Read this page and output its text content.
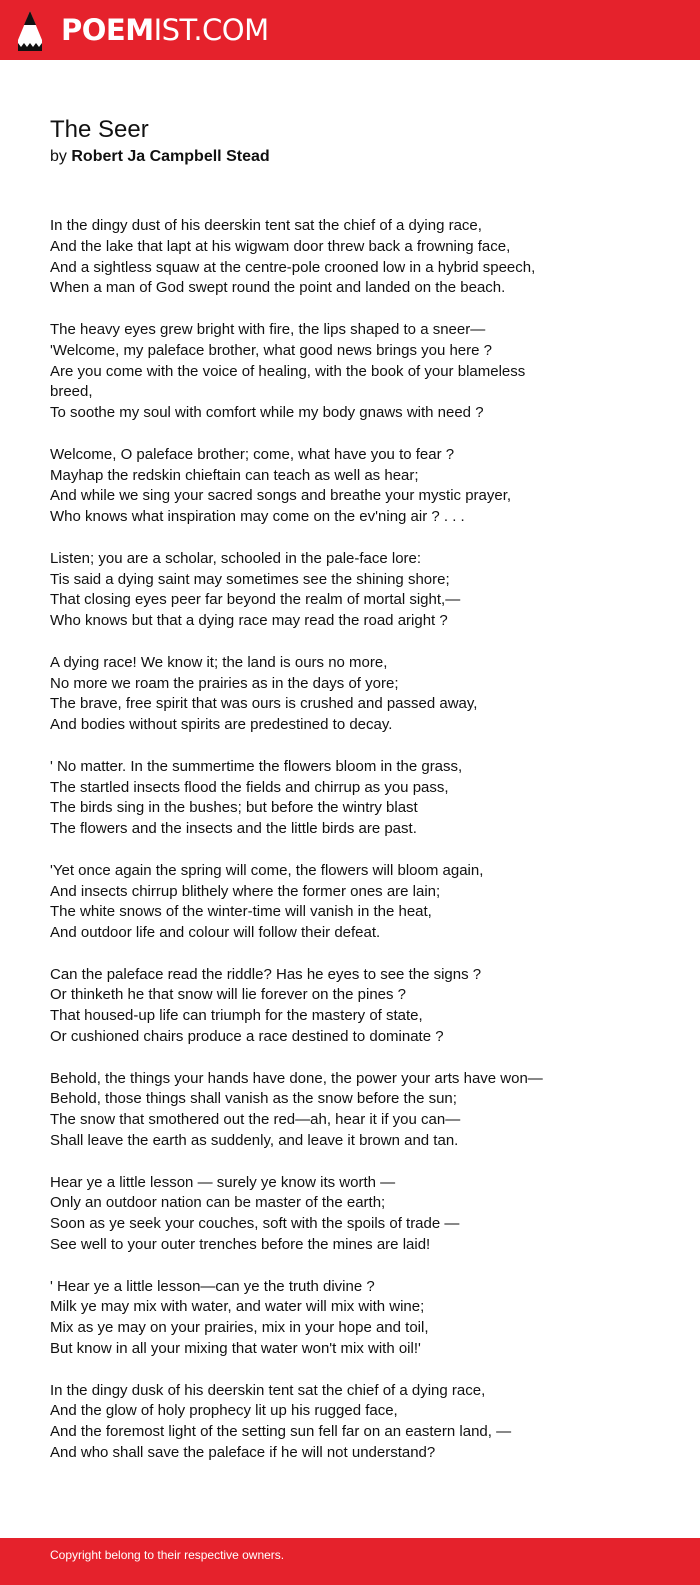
POEMIST.COM
The Seer
by Robert Ja Campbell Stead
In the dingy dust of his deerskin tent sat the chief of a dying race,
And the lake that lapt at his wigwam door threw back a frowning face,
And a sightless squaw at the centre-pole crooned low in a hybrid speech,
When a man of God swept round the point and landed on the beach.
The heavy eyes grew bright with fire, the lips shaped to a sneer—
'Welcome, my paleface brother, what good news brings you here ?
Are you come with the voice of healing, with the book of your blameless
breed,
To soothe my soul with comfort while my body gnaws with need ?
Welcome, O paleface brother; come, what have you to fear ?
Mayhap the redskin chieftain can teach as well as hear;
And while we sing your sacred songs and breathe your mystic prayer,
Who knows what inspiration may come on the ev'ning air ? . . .
Listen; you are a scholar, schooled in the pale-face lore:
Tis said a dying saint may sometimes see the shining shore;
That closing eyes peer far beyond the realm of mortal sight,—
Who knows but that a dying race may read the road aright ?
A dying race! We know it; the land is ours no more,
No more we roam the prairies as in the days of yore;
The brave, free spirit that was ours is crushed and passed away,
And bodies without spirits are predestined to decay.
' No matter. In the summertime the flowers bloom in the grass,
The startled insects flood the fields and chirrup as you pass,
The birds sing in the bushes; but before the wintry blast
The flowers and the insects and the little birds are past.
'Yet once again the spring will come, the flowers will bloom again,
And insects chirrup blithely where the former ones are lain;
The white snows of the winter-time will vanish in the heat,
And outdoor life and colour will follow their defeat.
Can the paleface read the riddle? Has he eyes to see the signs ?
Or thinketh he that snow will lie forever on the pines ?
That housed-up life can triumph for the mastery of state,
Or cushioned chairs produce a race destined to dominate ?
Behold, the things your hands have done, the power your arts have won—
Behold, those things shall vanish as the snow before the sun;
The snow that smothered out the red—ah, hear it if you can—
Shall leave the earth as suddenly, and leave it brown and tan.
Hear ye a little lesson — surely ye know its worth —
Only an outdoor nation can be master of the earth;
Soon as ye seek your couches, soft with the spoils of trade —
See well to your outer trenches before the mines are laid!
' Hear ye a little lesson—can ye the truth divine ?
Milk ye may mix with water, and water will mix with wine;
Mix as ye may on your prairies, mix in your hope and toil,
But know in all your mixing that water won't mix with oil!'
In the dingy dusk of his deerskin tent sat the chief of a dying race,
And the glow of holy prophecy lit up his rugged face,
And the foremost light of the setting sun fell far on an eastern land, —
And who shall save the paleface if he will not understand?
Copyright belong to their respective owners.
